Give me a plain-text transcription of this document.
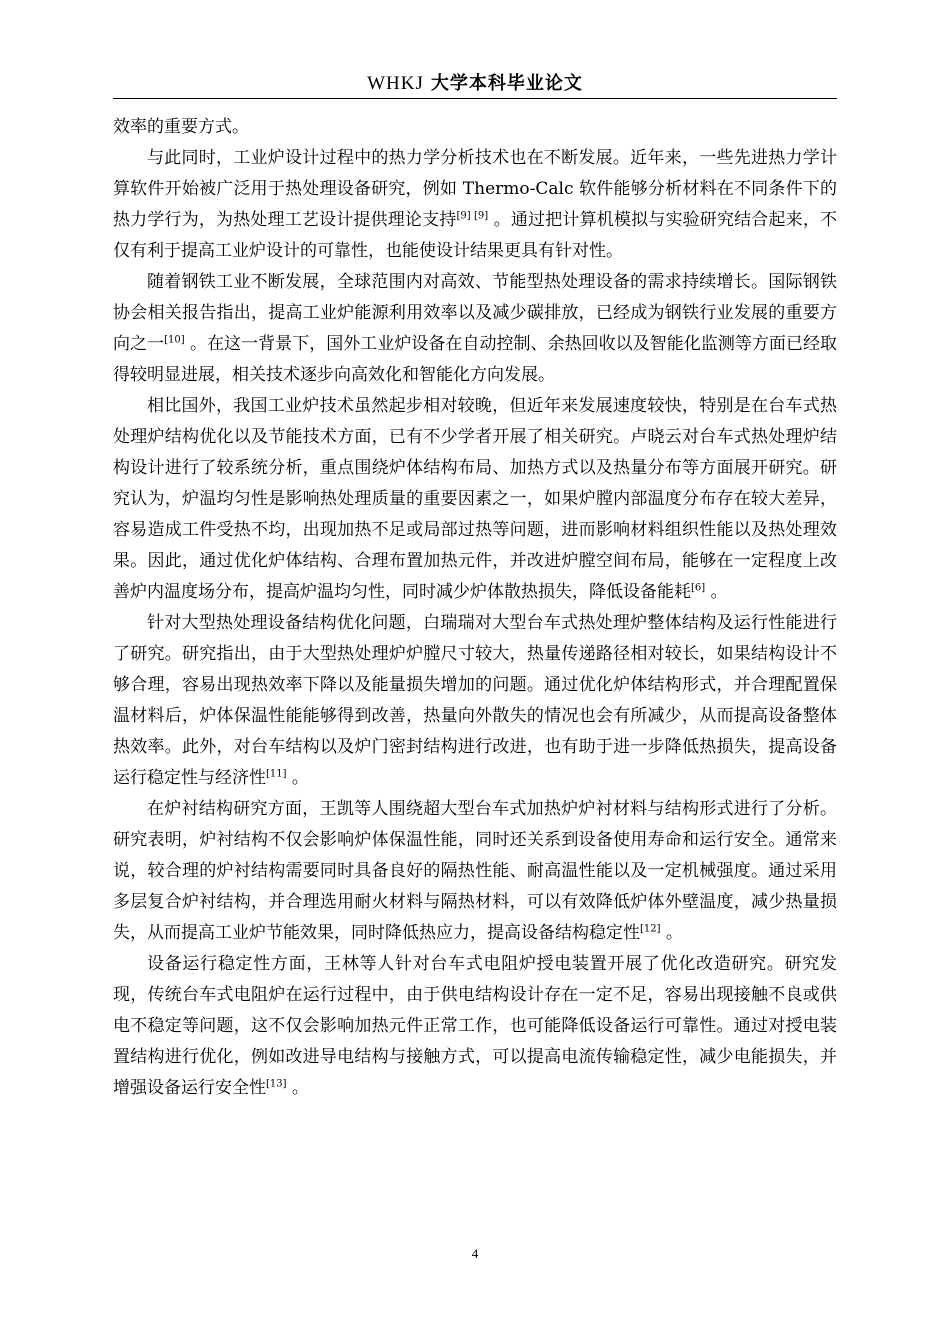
WHKJ 大学本科毕业论文

效率的重要方式。

与此同时，工业炉设计过程中的热力学分析技术也在不断发展。近年来，一些先进热力学计算软件开始被广泛用于热处理设备研究，例如 Thermo-Calc 软件能够分析材料在不同条件下的热力学行为，为热处理工艺设计提供理论支持[9] [9] 。通过把计算机模拟与实验研究结合起来，不仅有利于提高工业炉设计的可靠性，也能使设计结果更具有针对性。

随着钢铁工业不断发展，全球范围内对高效、节能型热处理设备的需求持续增长。国际钢铁协会相关报告指出，提高工业炉能源利用效率以及减少碳排放，已经成为钢铁行业发展的重要方向之一[10] 。在这一背景下，国外工业炉设备在自动控制、余热回收以及智能化监测等方面已经取得较明显进展，相关技术逐步向高效化和智能化方向发展。

相比国外，我国工业炉技术虽然起步相对较晚，但近年来发展速度较快，特别是在台车式热处理炉结构优化以及节能技术方面，已有不少学者开展了相关研究。卢晓云对台车式热处理炉结构设计进行了较系统分析，重点围绕炉体结构布局、加热方式以及热量分布等方面展开研究。研究认为，炉温均匀性是影响热处理质量的重要因素之一，如果炉膛内部温度分布存在较大差异，容易造成工件受热不均，出现加热不足或局部过热等问题，进而影响材料组织性能以及热处理效果。因此，通过优化炉体结构、合理布置加热元件，并改进炉膛空间布局，能够在一定程度上改善炉内温度场分布，提高炉温均匀性，同时减少炉体散热损失，降低设备能耗[6] 。

针对大型热处理设备结构优化问题，白瑞瑞对大型台车式热处理炉整体结构及运行性能进行了研究。研究指出，由于大型热处理炉炉膛尺寸较大，热量传递路径相对较长，如果结构设计不够合理，容易出现热效率下降以及能量损失增加的问题。通过优化炉体结构形式，并合理配置保温材料后，炉体保温性能能够得到改善，热量向外散失的情况也会有所减少，从而提高设备整体热效率。此外，对台车结构以及炉门密封结构进行改进，也有助于进一步降低热损失，提高设备运行稳定性与经济性[11] 。

在炉衬结构研究方面，王凯等人围绕超大型台车式加热炉炉衬材料与结构形式进行了分析。研究表明，炉衬结构不仅会影响炉体保温性能，同时还关系到设备使用寿命和运行安全。通常来说，较合理的炉衬结构需要同时具备良好的隔热性能、耐高温性能以及一定机械强度。通过采用多层复合炉衬结构，并合理选用耐火材料与隔热材料，可以有效降低炉体外壁温度，减少热量损失，从而提高工业炉节能效果，同时降低热应力，提高设备结构稳定性[12] 。

设备运行稳定性方面，王林等人针对台车式电阻炉授电装置开展了优化改造研究。研究发现，传统台车式电阻炉在运行过程中，由于供电结构设计存在一定不足，容易出现接触不良或供电不稳定等问题，这不仅会影响加热元件正常工作，也可能降低设备运行可靠性。通过对授电装置结构进行优化，例如改进导电结构与接触方式，可以提高电流传输稳定性，减少电能损失，并增强设备运行安全性[13] 。

4
